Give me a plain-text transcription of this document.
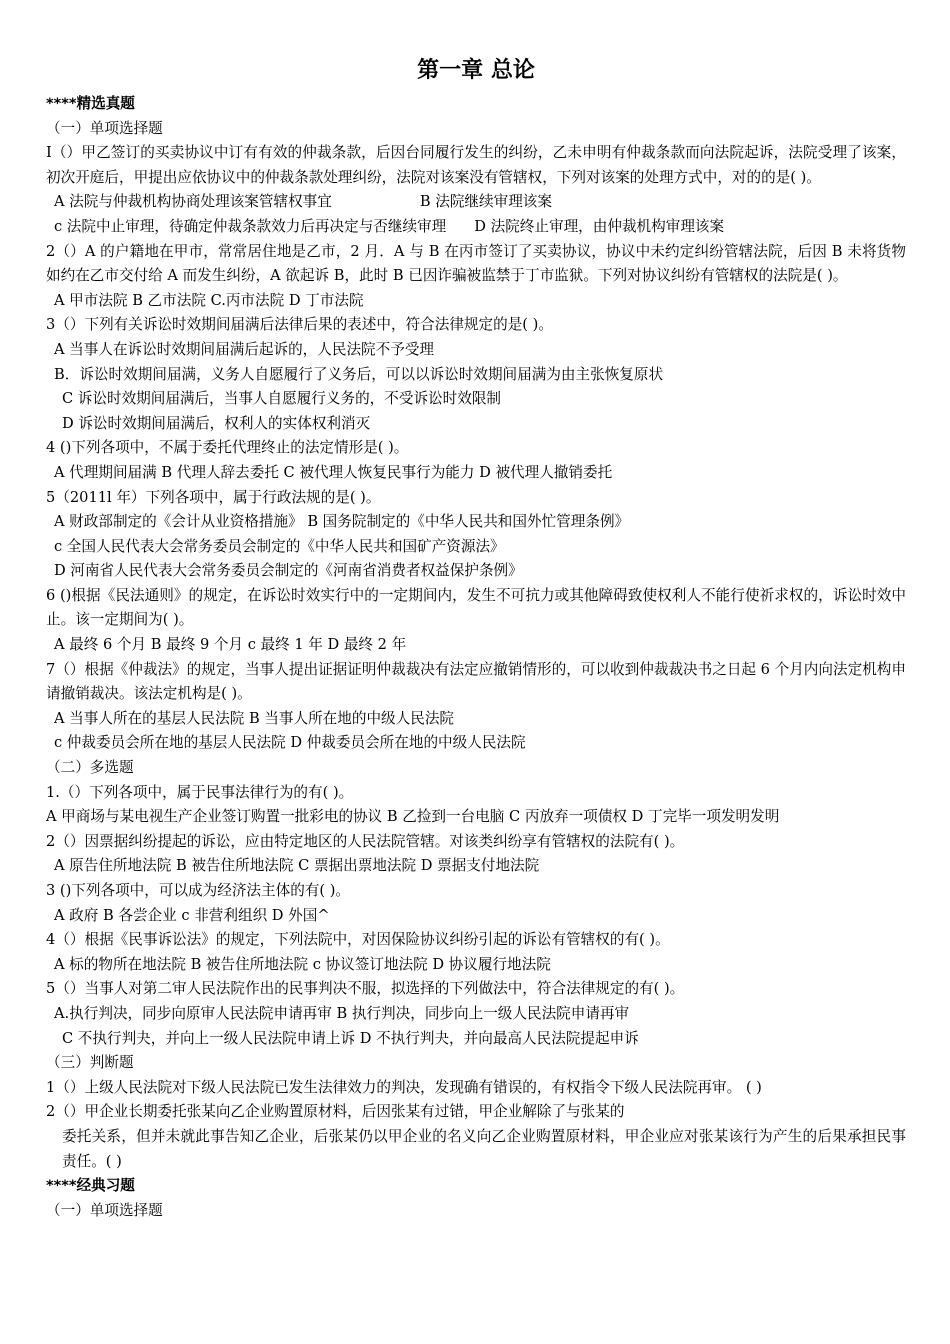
第一章 总论
****精选真题
（一）单项选择题
I（）甲乙签订的买卖协议中订有有效的仲裁条款，后因台同履行发生的纠纷，乙未申明有仲裁条款而向法院起诉，法院受理了该案，初次开庭后，甲提出应依协议中的仲裁条款处理纠纷，法院对该案没有管辖权，下列对该案的处理方式中，对的的是( )。
A 法院与仲裁机构协商处理该案管辖权事宜	B 法院继续审理该案
c 法院中止审理，待确定仲裁条款效力后再决定与否继续审理 D 法院终止审理，由仲裁机构审理该案
2（）A 的户籍地在甲市，常常居住地是乙市，2 月．A 与 B 在丙市签订了买卖协议，协议中未约定纠纷管辖法院，后因 B 未将货物如约在乙市交付给 A 而发生纠纷，A 欲起诉 B，此时 B 已因诈骗被监禁于丁市监狱。下列对协议纠纷有管辖权的法院是( )。
A 甲市法院 B 乙市法院 C.丙市法院 D 丁市法院
3（）下列有关诉讼时效期间届满后法律后果的表述中，符合法律规定的是( )。
A 当事人在诉讼时效期间届满后起诉的，人民法院不予受理
B．诉讼时效期间届满，义务人自愿履行了义务后，可以以诉讼时效期间届满为由主张恢复原状
C 诉讼时效期间届满后，当事人自愿履行义务的，不受诉讼时效限制
D 诉讼时效期间届满后，权利人的实体权利消灭
4 ()下列各项中，不属于委托代理终止的法定情形是( )。
A 代理期间届满 B 代理人辞去委托 C 被代理人恢复民事行为能力 D 被代理人撤销委托
5（2011l 年）下列各项中，属于行政法规的是( )。
A 财政部制定的《会计从业资格措施》 B 国务院制定的《中华人民共和国外忙管理条例》
c 全国人民代表大会常务委员会制定的《中华人民共和国矿产资源法》
D 河南省人民代表大会常务委员会制定的《河南省消费者权益保护条例》
6 ()根据《民法通则》的规定，在诉讼时效实行中的一定期间内，发生不可抗力或其他障碍致使权利人不能行使祈求权的，诉讼时效中止。该一定期间为( )。
A 最终 6 个月 B 最终 9 个月 c 最终 1 年 D 最终 2 年
7（）根据《仲裁法》的规定，当事人提出证据证明仲裁裁决有法定应撤销情形的，可以收到仲裁裁决书之日起 6 个月内向法定机构申请撤销裁决。该法定机构是( )。
A 当事人所在的基层人民法院 B 当事人所在地的中级人民法院
c 仲裁委员会所在地的基层人民法院 D 仲裁委员会所在地的中级人民法院
（二）多选题
1.（）下列各项中，属于民事法律行为的有( )。
A 甲商场与某电视生产企业签订购置一批彩电的协议 B 乙捡到一台电脑 C 丙放弃一项债权 D 丁完毕一项发明发明
2（）因票据纠纷提起的诉讼，应由特定地区的人民法院管辖。对该类纠纷享有管辖权的法院有( )。
A 原告住所地法院 B 被告住所地法院 C 票据出票地法院 D 票据支付地法院
3 ()下列各项中，可以成为经济法主体的有( )。
A 政府 B 各尝企业 c 非营利组织 D 外国^
4（）根据《民事诉讼法》的规定，下列法院中，对因保险协议纠纷引起的诉讼有管辖权的有( )。
A 标的物所在地法院 B 被告住所地法院 c 协议签订地法院 D 协议履行地法院
5（）当事人对第二审人民法院作出的民事判决不服，拟选择的下列做法中，符合法律规定的有( )。
A.执行判决，同步向原审人民法院申请再审 B 执行判决，同步向上一级人民法院申请再审
C 不执行判夬，并向上一级人民法院申请上诉 D 不执行判夬，并向最高人民法院提起申诉
（三）判断题
1（）上级人民法院对下级人民法院已发生法律效力的判决，发现确有错误的，有权指令下级人民法院再审。 ( )
2（）甲企业长期委托张某向乙企业购置原材料，后因张某有过错，甲企业解除了与张某的
委托关系，但并未就此事告知乙企业，后张某仍以甲企业的名义向乙企业购置原材料，甲企业应对张某该行为产生的后果承担民事责任。( )
****经典习题
（一）单项选择题
